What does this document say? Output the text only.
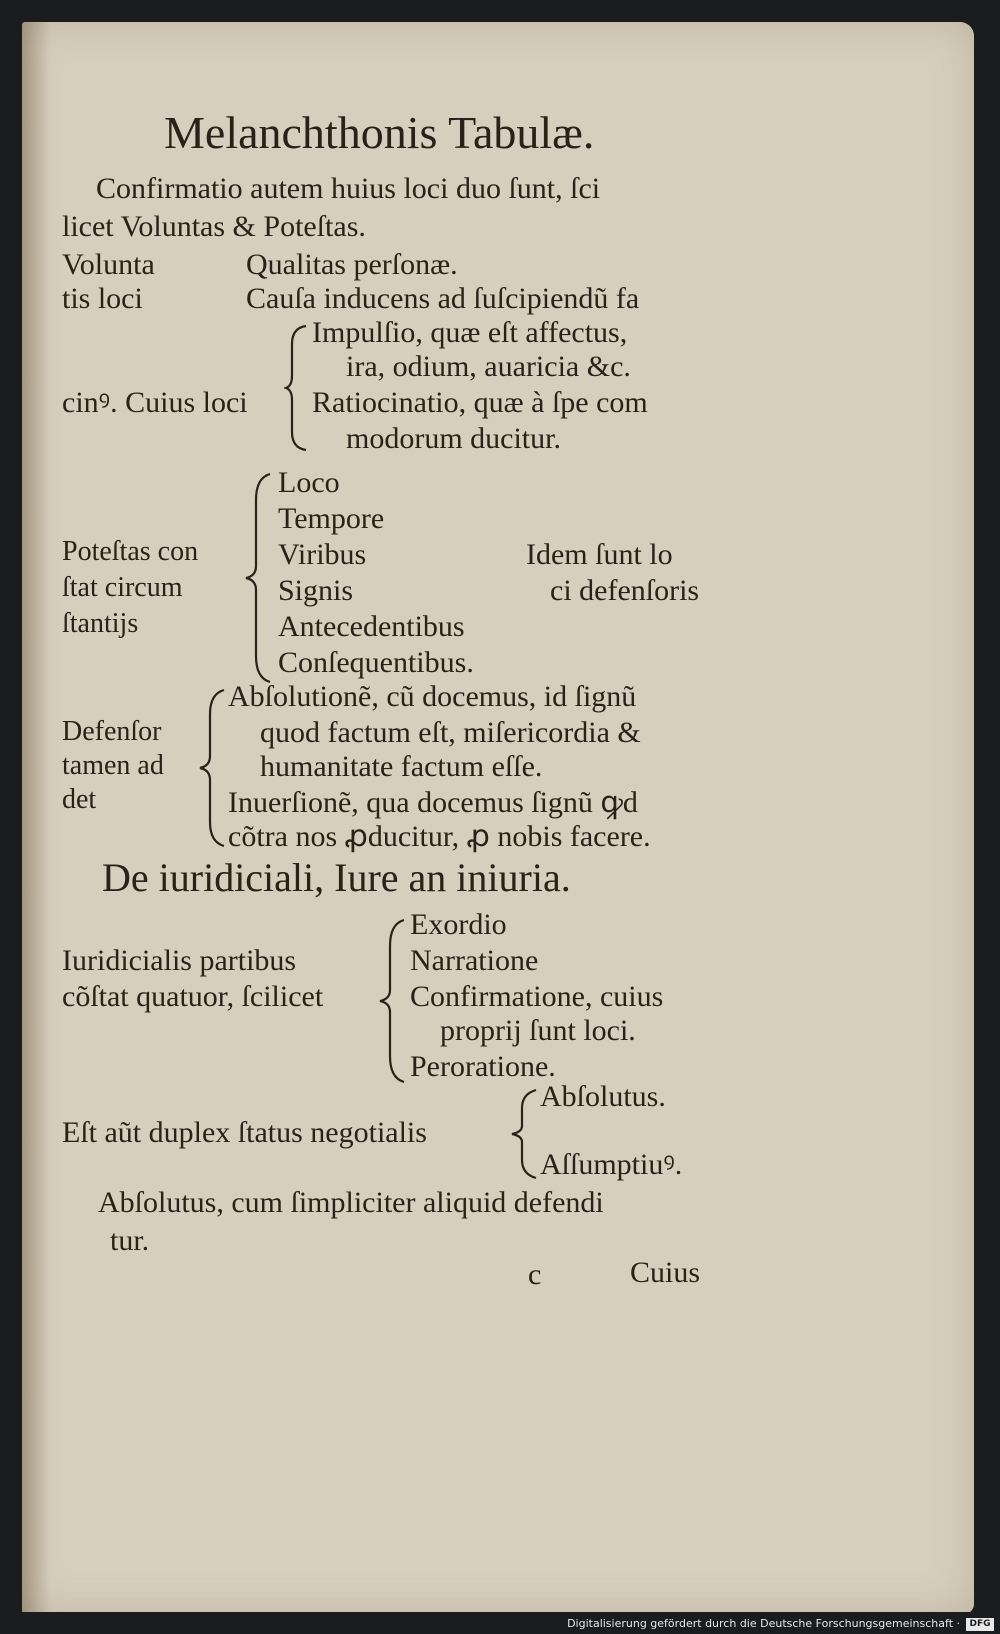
Melanchthonis Tabulæ.
Confirmatio autem huius loci duo ſunt, ſci
licet Voluntas & Poteſtas.
Volunta
tis loci
Qualitas perſonæ.
Cauſa inducens ad ſuſcipiendũ fa
cinꝰ. Cuius loci
Impulſio, quæ eſt affectus,
ira, odium, auaricia &c.
Ratiocinatio, quæ à ſpe com
modorum ducitur.
Poteſtas con
ſtat circum
ſtantijs
Loco
Tempore
Viribus
Signis
Antecedentibus
Conſequentibus.
Idem ſunt lo
ci defenſoris
Defenſor
tamen ad
det
Abſolutionẽ, cũ docemus, id ſignũ
quod factum eſt, miſericordia &
humanitate factum eſſe.
Inuerſionẽ, qua docemus ſignũ ꝙd
cõtra nos ꝓducitur, ꝓ nobis facere.
De iuridiciali, Iure an iniuria.
Iuridicialis partibus
cõſtat quatuor, ſcilicet
Exordio
Narratione
Confirmatione, cuius
proprij ſunt loci.
Peroratione.
Eſt aũt duplex ſtatus negotialis
Abſolutus.
Aſſumptiuꝰ.
Abſolutus, cum ſimpliciter aliquid defendi
tur.
c	Cuius
Digitalisierung gefördert durch die Deutsche Forschungsgemeinschaft ·	DFG
